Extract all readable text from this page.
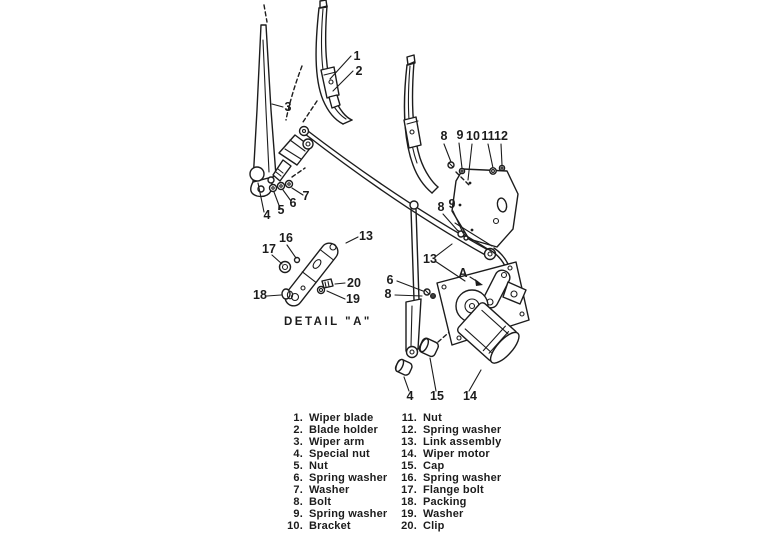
A
1
2
3
4 5 6 7
8 9 10 11 12
8 9
13
13
16
17
18	19
20 6
8
4 15 14
DETAIL "A"
1. Wiper blade
2. Blade holder
3. Wiper arm
4. Special nut
5. Nut
6. Spring washer
7. Washer
8. Bolt
9. Spring washer
10. Bracket
11. Nut
12. Spring washer
13. Link assembly
14. Wiper motor
15. Cap
16. Spring washer
17. Flange bolt
18. Packing
19. Washer
20. Clip
